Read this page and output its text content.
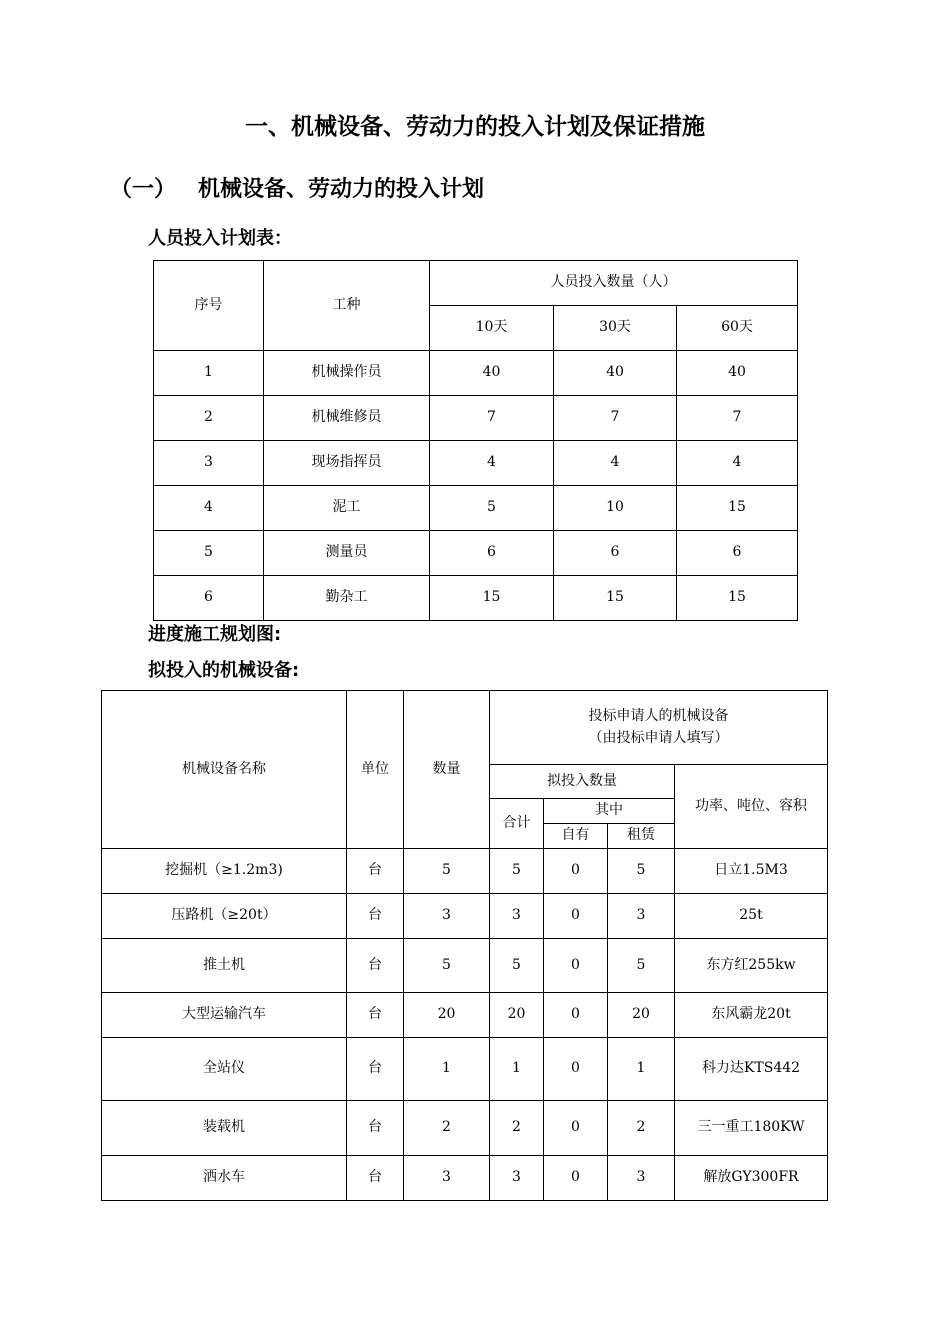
一、机械设备、劳动力的投入计划及保证措施
（一） 机械设备、劳动力的投入计划
人员投入计划表：
序号	工种	人员投入数量（人）		
		10天	30天	60天
1	机械操作员	40	40	40
2	机械维修员	7	7	7
3	现场指挥员	4	4	4
4	泥工	5	10	15
5	测量员	6	6	6
6	勤杂工	15	15	15
进度施工规划图:
拟投入的机械设备:
机械设备名称	单位	数量	投标申请人的机械设备
（由投标申请人填写）			

			拟投入数量			功率、吨位、容积
			合计	其中		
				自有	租赁	
挖掘机（≥1.2m3)	台	5	5	0	5	日立1.5M3
压路机（≥20t）	台	3	3	0	3	25t
推土机	台	5	5	0	5	东方红255kw
大型运输汽车	台	20	20	0	20	东风霸龙20t
全站仪	台	1	1	0	1	科力达KTS442
装载机	台	2	2	0	2	三一重工180KW
洒水车	台	3	3	0	3	解放GY300FR
